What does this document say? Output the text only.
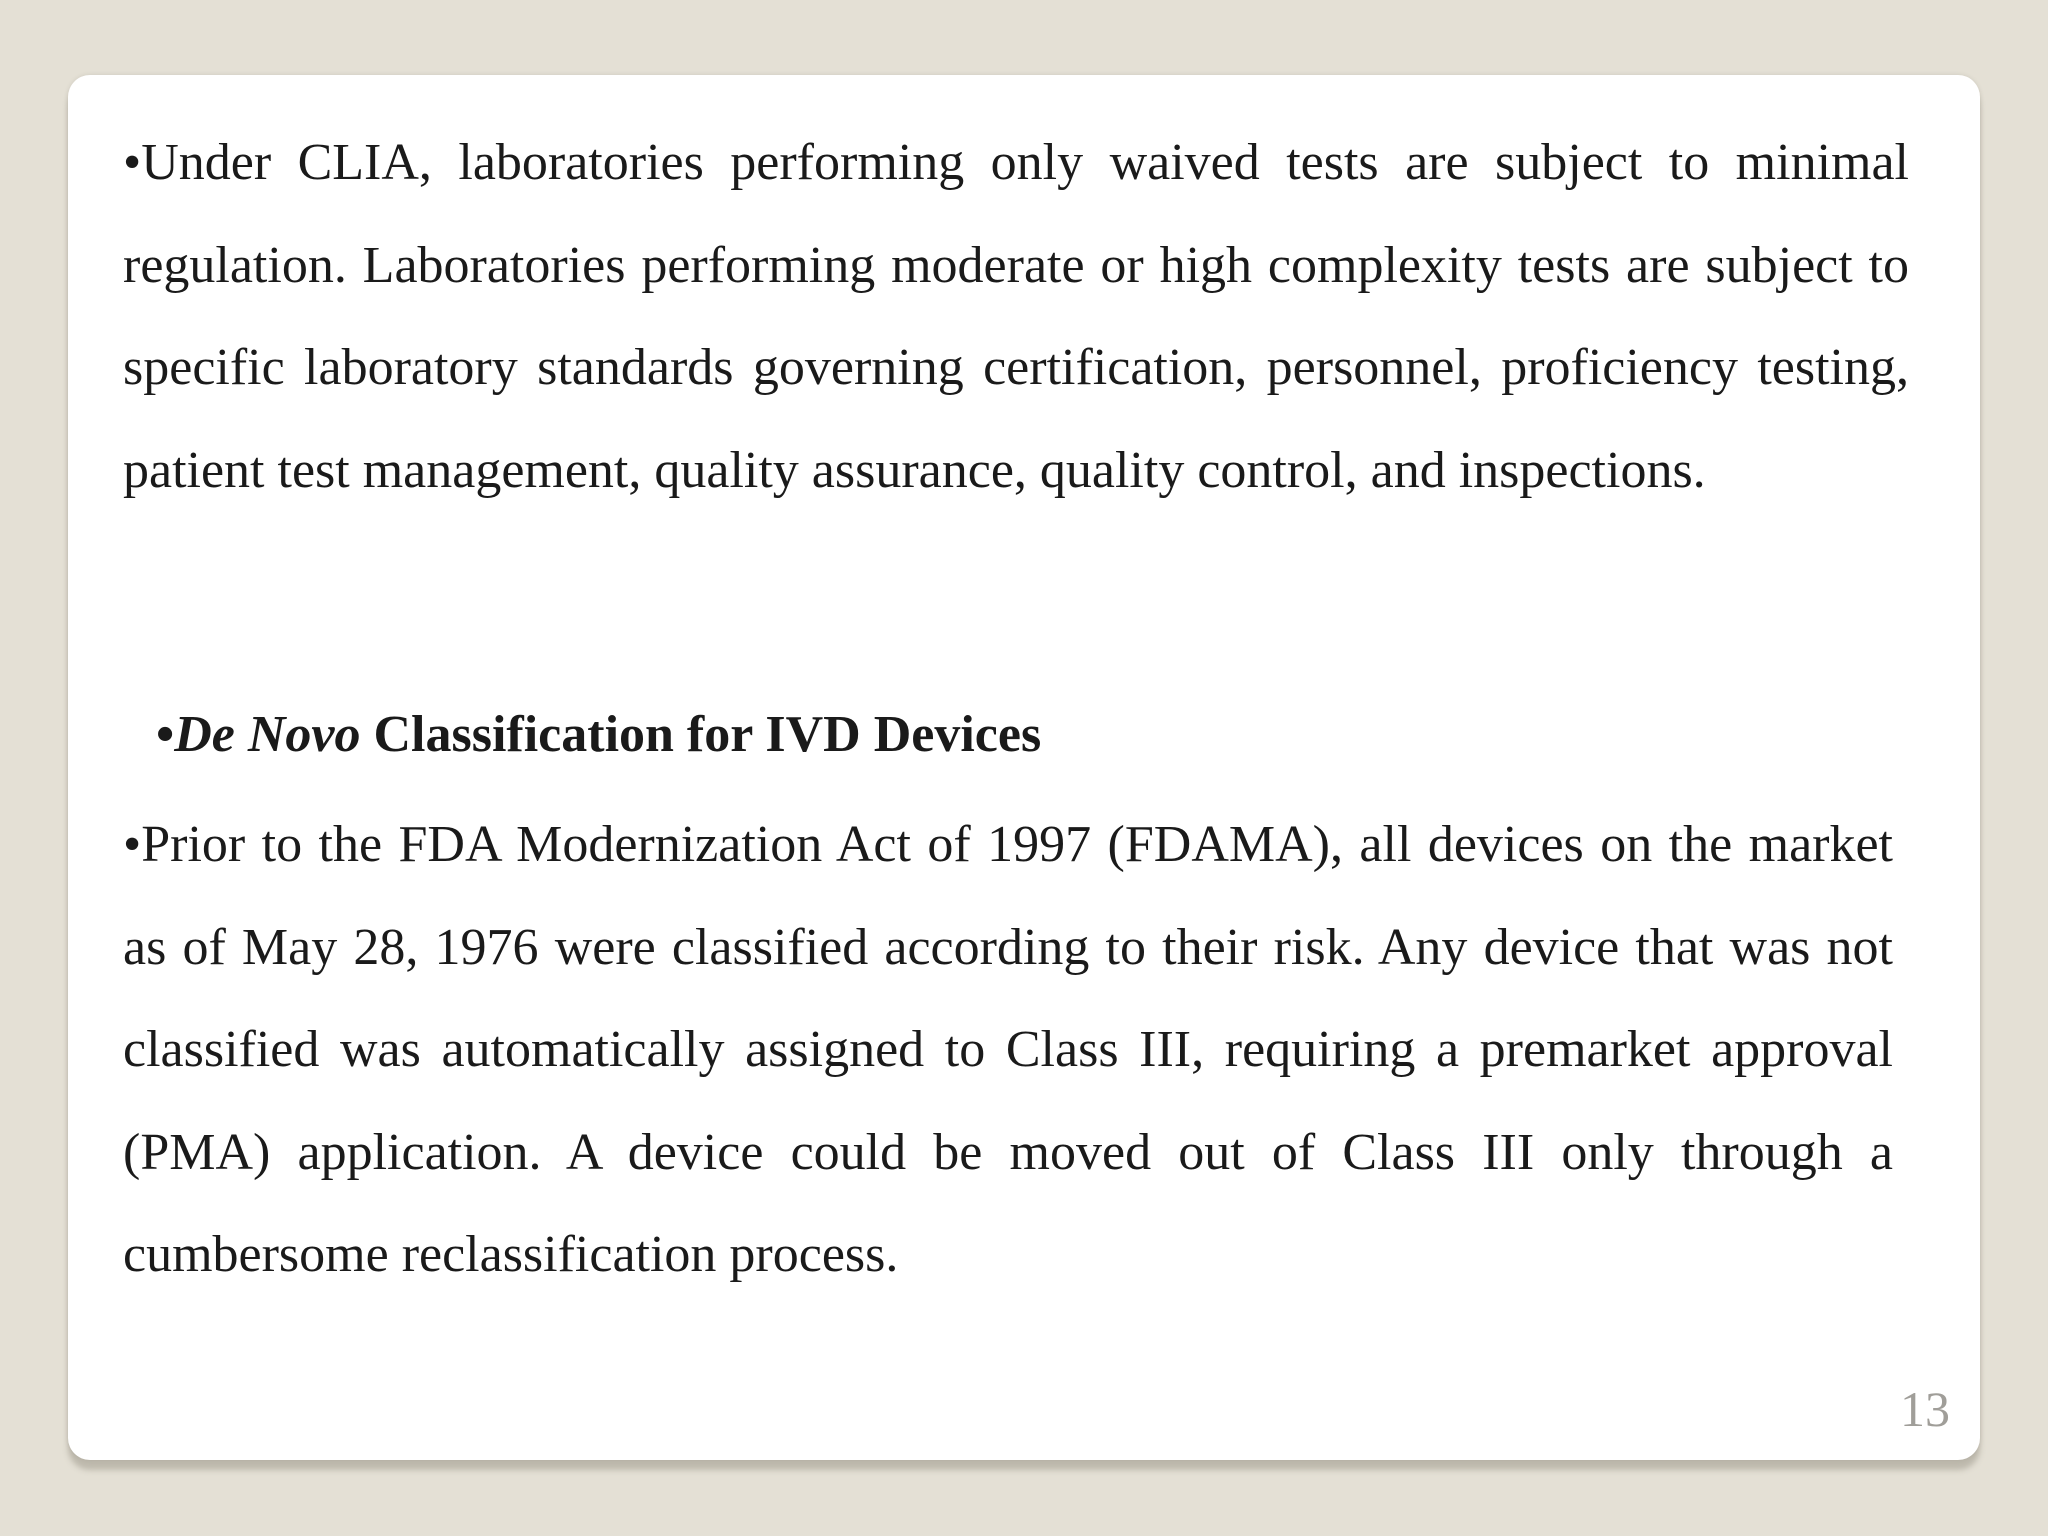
•Under CLIA, laboratories performing only waived tests are subject to minimal regulation. Laboratories performing moderate or high complexity tests are subject to specific laboratory standards governing certification, personnel, proficiency testing, patient test management, quality assurance, quality control, and inspections.

•De Novo Classification for IVD Devices

•Prior to the FDA Modernization Act of 1997 (FDAMA), all devices on the market as of May 28, 1976 were classified according to their risk. Any device that was not classified was automatically assigned to Class III, requiring a premarket approval (PMA) application. A device could be moved out of Class III only through a cumbersome reclassification process.

13
